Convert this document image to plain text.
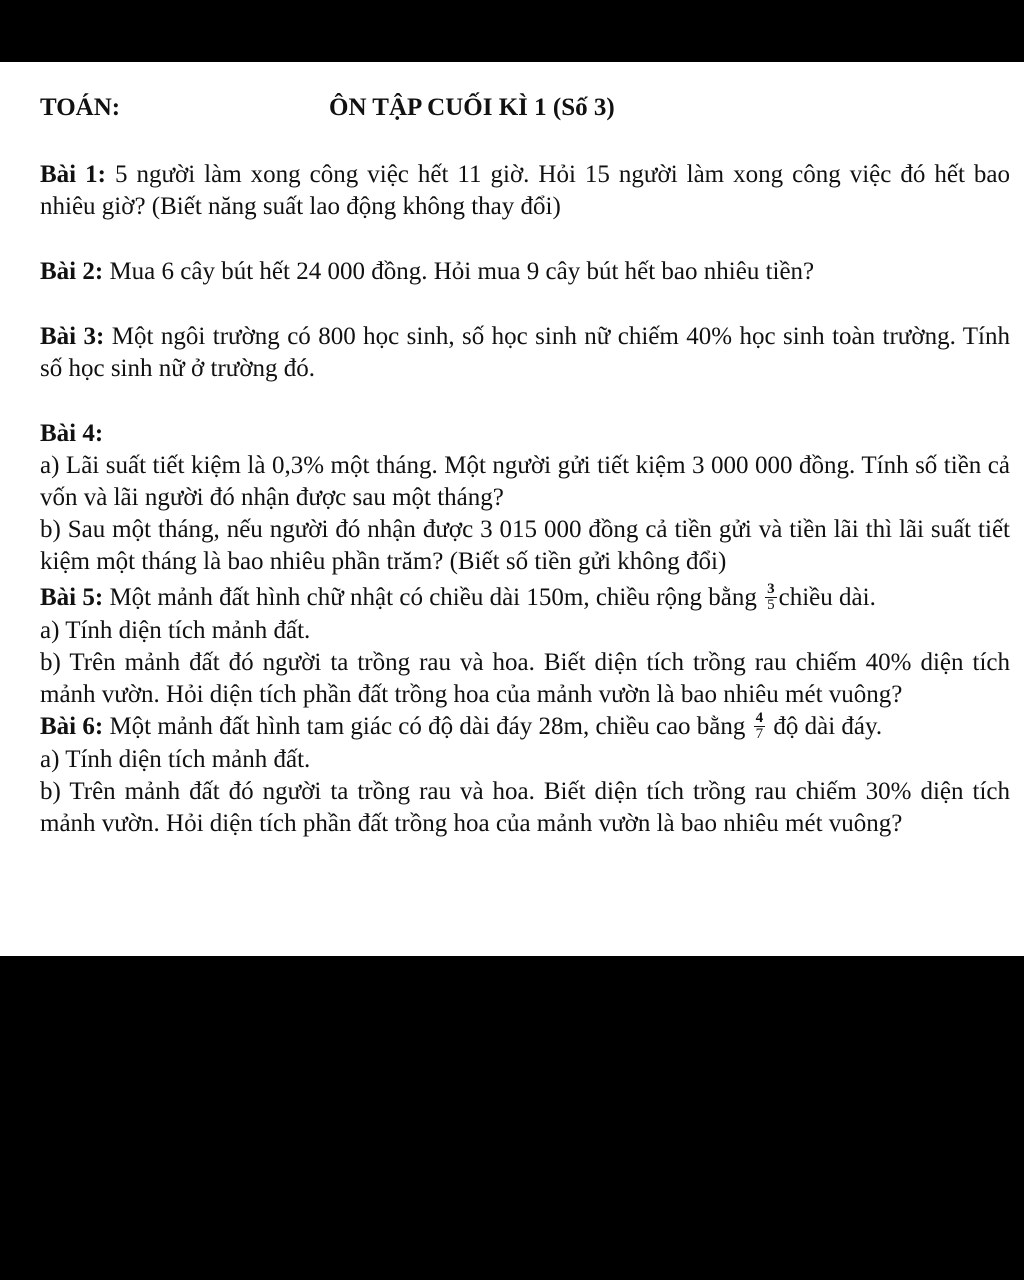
TOÁN:	ÔN TẬP CUỐI KÌ 1 (Số 3)

Bài 1: 5 người làm xong công việc hết 11 giờ. Hỏi 15 người làm xong công việc đó hết bao nhiêu giờ? (Biết năng suất lao động không thay đổi)

Bài 2: Mua 6 cây bút hết 24 000 đồng. Hỏi mua 9 cây bút hết bao nhiêu tiền?

Bài 3: Một ngôi trường có 800 học sinh, số học sinh nữ chiếm 40% học sinh toàn trường. Tính số học sinh nữ ở trường đó.

Bài 4:

a) Lãi suất tiết kiệm là 0,3% một tháng. Một người gửi tiết kiệm 3 000 000 đồng. Tính số tiền cả vốn và lãi người đó nhận được sau một tháng?

b) Sau một tháng, nếu người đó nhận được 3 015 000 đồng cả tiền gửi và tiền lãi thì lãi suất tiết kiệm một tháng là bao nhiêu phần trăm? (Biết số tiền gửi không đổi)

Bài 5: Một mảnh đất hình chữ nhật có chiều dài 150m, chiều rộng bằng $\frac{3}{5}$ chiều dài.

a) Tính diện tích mảnh đất.

b) Trên mảnh đất đó người ta trồng rau và hoa. Biết diện tích trồng rau chiếm 40% diện tích mảnh vườn. Hỏi diện tích phần đất trồng hoa của mảnh vườn là bao nhiêu mét vuông?

Bài 6: Một mảnh đất hình tam giác có độ dài đáy 28m, chiều cao bằng $\frac{4}{7}$ độ dài đáy.

a) Tính diện tích mảnh đất.

b) Trên mảnh đất đó người ta trồng rau và hoa. Biết diện tích trồng rau chiếm 30% diện tích mảnh vườn. Hỏi diện tích phần đất trồng hoa của mảnh vườn là bao nhiêu mét vuông?
